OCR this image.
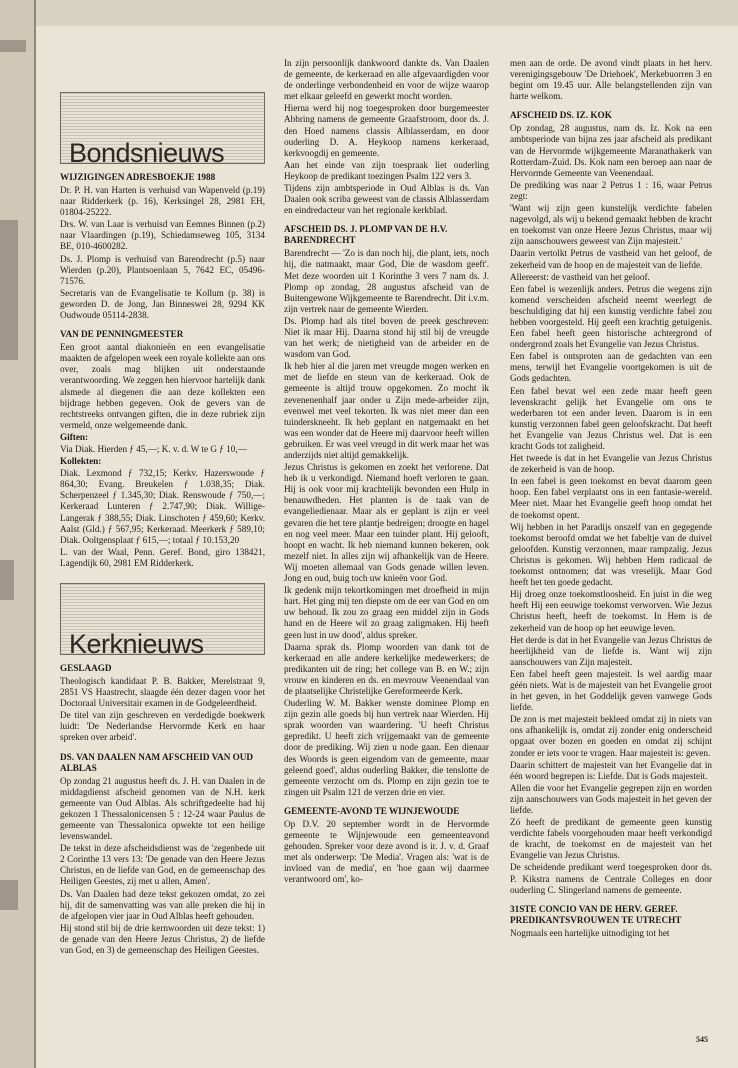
Bondsnieuws
WIJZIGINGEN ADRESBOEKJE 1988

Dr. P. H. van Harten is verhuisd van Wapenveld (p.19) naar Ridderkerk (p. 16), Kerksingel 28, 2981 EH, 01804-25222.

Drs. W. van Laar is verhuisd van Eemnes Binnen (p.2) naar Vlaardingen (p.19), Schiedamseweg 105, 3134 BE, 010-4600282.

Ds. J. Plomp is verhuisd van Barendrecht (p.5) naar Wierden (p.20), Plantsoenlaan 5, 7642 EC, 05496-71576.

Secretaris van de Evangelisatie te Kollum (p. 38) is geworden D. de Jong, Jan Binneswei 28, 9294 KK Oudwoude 05114-2838.

VAN DE PENNINGMEESTER

Een groot aantal diakonieën en een evangelisatie maakten de afgelopen week een royale kollekte aan ons over, zoals mag blijken uit onderstaande verantwoording. We zeggen hen hiervoor hartelijk dank alsmede al diegenen die aan deze kollekten een bijdrage hebben gegeven. Ook de gevers van de rechtstreeks ontvangen giften, die in deze rubriek zijn vermeld, onze welgemeende dank.

Giften:

Via Diak. Hierden ƒ 45,—; K. v. d. W te G ƒ 10,—

Kollekten:

Diak. Lexmond ƒ 732,15; Kerkv. Hazerswoude ƒ 864,30; Evang. Breukelen ƒ 1.038,35; Diak. Scherpenzeel ƒ 1.345,30; Diak. Renswoude ƒ 750,—; Kerkeraad Lunteren ƒ 2.747,90; Diak. Willige-Langerak ƒ 388,55; Diak. Linschoten ƒ 459,60; Kerkv. Aalst (Gld.) ƒ 567,95; Kerkeraad. Meerkerk ƒ 589,10; Diak. Ooltgensplaat ƒ 615,—; totaal ƒ 10.153,20

L. van der Waal, Penn. Geref. Bond, giro 138421, Lagendijk 60, 2981 EM Ridderkerk.

Kerknieuws
GESLAAGD

Theologisch kandidaat P. B. Bakker, Merelstraat 9, 2851 VS Haastrecht, slaagde één dezer dagen voor het Doctoraal Universitair examen in de Godgeleerdheid.

De titel van zijn geschreven en verdedigde boekwerk luidt: 'De Nederlandse Hervormde Kerk en haar spreken over arbeid'.

DS. VAN DAALEN NAM AFSCHEID VAN OUD ALBLAS

Op zondag 21 augustus heeft ds. J. H. van Daalen in de middagdienst afscheid genomen van de N.H. kerk gemeente van Oud Alblas. Als schriftgedeelte had hij gekozen 1 Thessalonicensen 5 : 12-24 waar Paulus de gemeente van Thessalonica opwekte tot een heilige levenswandel.

De tekst in deze afscheidsdienst was de 'zegenbede uit 2 Corinthe 13 vers 13: 'De genade van den Heere Jezus Christus, en de liefde van God, en de gemeenschap des Heiligen Geestes, zij met u allen, Amen'.

Ds. Van Daalen had deze tekst gekozen omdat, zo zei hij, dit de samenvatting was van alle preken die hij in de afgelopen vier jaar in Oud Alblas heeft gehouden.

Hij stond stil bij de drie kernwoorden uit deze tekst: 1) de genade van den Heere Jezus Christus, 2) de liefde van God, en 3) de gemeenschap des Heiligen Geestes.

In zijn persoonlijk dankwoord dankte ds. Van Daalen de gemeente, de kerkeraad en alle afgevaardigden voor de onderlinge verbondenheid en voor de wijze waarop met elkaar geleefd en gewerkt mocht worden.

Hierna werd hij nog toegesproken door burgemeester Abbring namens de gemeente Graafstroom, door ds. J. den Hoed namens classis Alblasserdam, en door ouderling D. A. Heykoop namens kerkeraad, kerkvoogdij en gemeente.

Aan het einde van zijn toespraak liet ouderling Heykoop de predikant toezingen Psalm 122 vers 3.

Tijdens zijn ambtsperiode in Oud Alblas is ds. Van Daalen ook scriba geweest van de classis Alblasserdam en eindredacteur van het regionale kerkblad.

AFSCHEID DS. J. PLOMP VAN DE H.V. BARENDRECHT

Barendrecht — 'Zo is dan noch hij, die plant, iets, noch hij, die natmaakt, maar God, Die de wasdom geeft'. Met deze woorden uit 1 Korinthe 3 vers 7 nam ds. J. Plomp op zondag, 28 augustus afscheid van de Buitengewone Wijkgemeente te Barendrecht. Dit i.v.m. zijn vertrek naar de gemeente Wierden.

Ds. Plomp had als titel boven de preek geschreven: Niet ik maar Hij. Daarna stond hij stil bij de vreugde van het werk; de nietigheid van de arbeider en de wasdom van God.

Ik heb hier al die jaren met vreugde mogen werken en met de liefde en steun van de kerkeraad. Ook de gemeente is altijd trouw opgekomen. Zo mocht ik zevenenenhalf jaar onder u Zijn mede-arbeider zijn, evenwel met veel tekorten. Ik was niet meer dan een tuinderskneeht. Ik heb geplant en natgemaakt en het was een wonder dat de Heere mij daarvoor heeft willen gebruiken. Er was veel vreugd in dit werk maar het was anderzijds niet altijd gemakkelijk.

Jezus Christus is gekomen en zoekt het verlorene. Dat heb ik u verkondigd. Niemand hoeft verloren te gaan. Hij is ook voor mij krachtelijk bevonden een Hulp in benauwdheden. Het planten is de taak van de evangeliedienaar. Maar als er geplant is zijn er veel gevaren die het tere plantje bedreigen; droogte en hagel en nog veel meer. Maar een tuinder plant. Hij gelooft, hoopt en wacht. Ik heb niemand kunnen bekeren, ook mezelf niet. In alles zijn wij afhankelijk van de Heere. Wij moeten allemaal van Gods genade willen leven. Jong en oud, buig toch uw knieën voor God.

Ik gedenk mijn tekortkomingen met droefheid in mijn hart. Het ging mij ten diepste om de eer van God en om uw behoud. Ik zou zo graag een middel zijn in Gods hand en de Heere wil zo graag zaligmaken. Hij heeft geen lust in uw dood', aldus spreker.

Daarna sprak ds. Plomp woorden van dank tot de kerkeraad en alle andere kerkelijke medewerkers; de predikanten uit de ring; het college van B. en W.; zijn vrouw en kinderen en ds. en mevrouw Veenendaal van de plaatselijke Christelijke Gereformeerde Kerk.

Ouderling W. M. Bakker wenste dominee Plomp en zijn gezin alle goeds bij hun vertrek naar Wierden. Hij sprak woorden van waardering. 'U heeft Christus gepredikt. U heeft zich vrijgemaakt van de gemeente door de prediking. Wij zien u node gaan. Een dienaar des Woords is geen eigendom van de gemeente, maar geleend goed', aldus ouderling Bakker, die tenslotte de gemeente verzocht om ds. Plomp en zijn gezin toe te zingen uit Psalm 121 de verzen drie en vier.

GEMEENTE-AVOND TE WIJNJEWOUDE

Op D.V. 20 september wordt in de Hervormde gemeente te Wijnjewoude een gemeenteavond gehouden. Spreker voor deze avond is ir. J. v. d. Graaf met als onderwerp: 'De Media'. Vragen als: 'wat is de invloed van de media', en 'hoe gaan wij daarmee verantwoord om', ko-

men aan de orde. De avond vindt plaats in het herv. verenigingsgebouw 'De Driehoek', Merkebuorren 3 en begint om 19.45 uur. Alle belangstellenden zijn van harte welkom.

AFSCHEID DS. IZ. KOK

Op zondag, 28 augustus, nam ds. Iz. Kok na een ambtsperiode van bijna zes jaar afscheid als predikant van de Hervormde wijkgemeente Maranathakerk van Rotterdam-Zuid. Ds. Kok nam een beroep aan naar de Hervormde Gemeente van Veenendaal.

De prediking was naar 2 Petrus 1 : 16, waar Petrus zegt:

'Want wij zijn geen kunstelijk verdichte fabelen nagevolgd, als wij u bekend gemaakt hebben de kracht en toekomst van onze Heere Jezus Christus, maar wij zijn aanschouwers geweest van Zijn majesteit.'

Daarin vertolkt Petrus de vastheid van het geloof, de zekerheid van de hoop en de majesteit van de liefde.

Allereerst: de vastheid van het geloof.

Een fabel is wezenlijk anders. Petrus die wegens zijn komend verscheiden afscheid neemt weerlegt de beschuldiging dat hij een kunstig verdichte fabel zou hebben voorgesteld. Hij geeft een krachtig getuigenis. Een fabel heeft geen historische achtergrond of ondergrond zoals het Evangelie van Jezus Christus.

Een fabel is ontsproten aan de gedachten van een mens, terwijl het Evangelie voortgekomen is uit de Gods gedachten.

Een fabel bevat wel een zede maar heeft geen levenskracht gelijk het Evangelie om ons te wederbaren tot een ander leven. Daarom is in een kunstig verzonnen fabel geen geloofskracht. Dat heeft het Evangelie van Jezus Christus wel. Dat is een kracht Gods tot zaligheid.

Het tweede is dat in het Evangelie van Jezus Christus de zekerheid is van de hoop.

In een fabel is geen toekomst en bevat daarom geen hoop. Een fabel verplaatst ons in een fantasie-wereld. Meer niet. Maar het Evangelie geeft hoop omdat het de toekomst opent.

Wij hebben in het Paradijs onszelf van en gegegende toekomst beroofd omdat we het fabeltje van de duivel geloofden. Kunstig verzonnen, maar rampzalig. Jezus Christus is gekomen. Wij hebben Hem radicaal de toekomst ontnomen; dat was vreselijk. Maar God heeft het ten goede gedacht.

Hij droeg onze toekomstloosheid. En juist in die weg heeft Hij een eeuwige toekomst verworven. Wie Jezus Christus heeft, heeft de toekomst. In Hem is de zekerheid van de hoop op het eeuwige leven.

Het derde is dat in het Evangelie van Jezus Christus de heerlijkheid van de liefde is. Want wij zijn aanschouwers van Zijn majesteit.

Een fabel heeft geen majesteit. Is wel aardig maar géén niets. Wat is de majesteit van het Evangelie groot in het geven, in het Goddelijk geven vanwege Gods liefde.

De zon is met majesteit bekleed omdat zij in niets van ons afhankelijk is, omdat zij zonder enig onderscheid opgaat over bozen en goeden en omdat zij schijnt zonder er iets voor te vragen. Haar majesteit is: geven.

Daarin schittert de majesteit van het Evangelie dat in één woord begrepen is: Liefde. Dat is Gods majesteit.

Allen die voor het Evangelie gegrepen zijn en worden zijn aanschouwers van Gods majesteit in het geven der liefde.

Zó heeft de predikant de gemeente geen kunstig verdichte fabels voorgehouden maar heeft verkondigd de kracht, de toekomst en de majesteit van het Evangelie van Jezus Christus.

De scheidende predikant werd toegesproken door ds. P. Kikstra namens de Centrale Colleges en door ouderling C. Slingerland namens de gemeente.

31STE CONCIO VAN DE HERV. GEREF. PREDIKANTSVROUWEN TE UTRECHT

Nogmaals een hartelijke uitnodiging tot het

545
